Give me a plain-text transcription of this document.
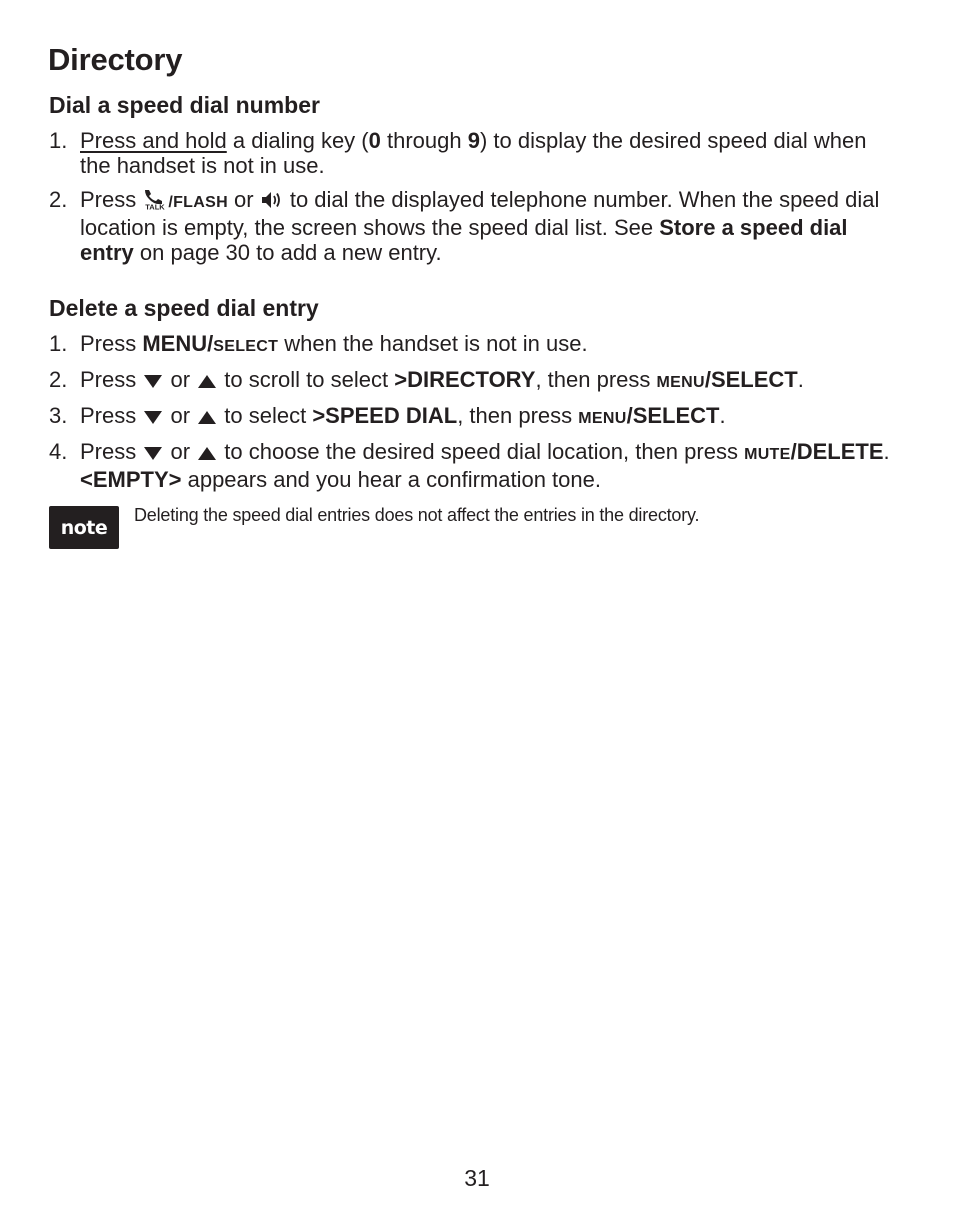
Directory
Dial a speed dial number
1. Press and hold a dialing key (0 through 9) to display the desired speed dial when the handset is not in use.
2. Press TALK /FLASH or  to dial the displayed telephone number. When the speed dial location is empty, the screen shows the speed dial list. See Store a speed dial entry on page 30 to add a new entry.
Delete a speed dial entry
1. Press MENU/SELECT when the handset is not in use.
2. Press  or  to scroll to select >DIRECTORY, then press MENU/SELECT.
3. Press  or  to select >SPEED DIAL, then press MENU/SELECT.
4. Press  or  to choose the desired speed dial location, then press MUTE/DELETE. <EMPTY> appears and you hear a confirmation tone.
note

Deleting the speed dial entries does not affect the entries in the directory.

31
